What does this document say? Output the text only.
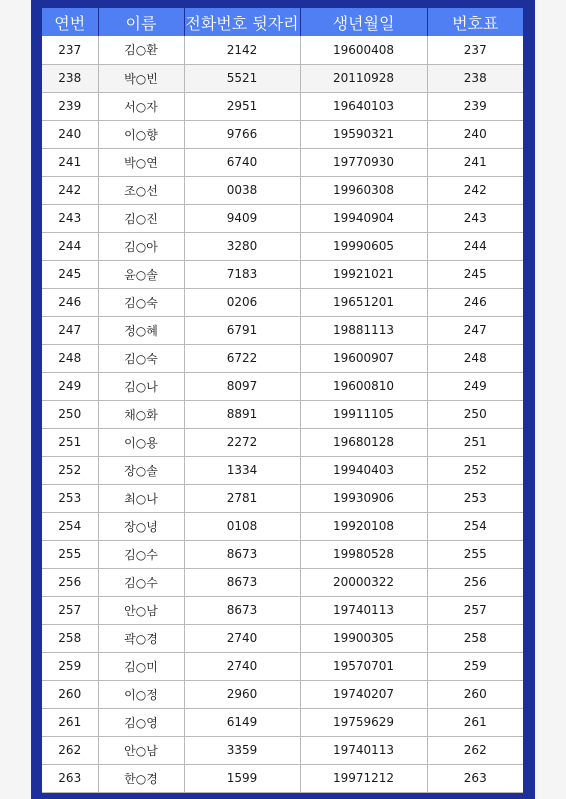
연번	이름	전화번호 뒷자리	생년월일	번호표
237	김○환	2142	19600408	237
238	박○빈	5521	20110928	238
239	서○자	2951	19640103	239
240	이○향	9766	19590321	240
241	박○연	6740	19770930	241
242	조○선	0038	19960308	242
243	김○진	9409	19940904	243
244	김○아	3280	19990605	244
245	윤○솔	7183	19921021	245
246	김○숙	0206	19651201	246
247	정○혜	6791	19881113	247
248	김○숙	6722	19600907	248
249	김○나	8097	19600810	249
250	채○화	8891	19911105	250
251	이○용	2272	19680128	251
252	장○솔	1334	19940403	252
253	최○나	2781	19930906	253
254	장○녕	0108	19920108	254
255	김○수	8673	19980528	255
256	김○수	8673	20000322	256
257	안○남	8673	19740113	257
258	곽○경	2740	19900305	258
259	김○미	2740	19570701	259
260	이○정	2960	19740207	260
261	김○영	6149	19759629	261
262	안○남	3359	19740113	262
263	한○경	1599	19971212	263
